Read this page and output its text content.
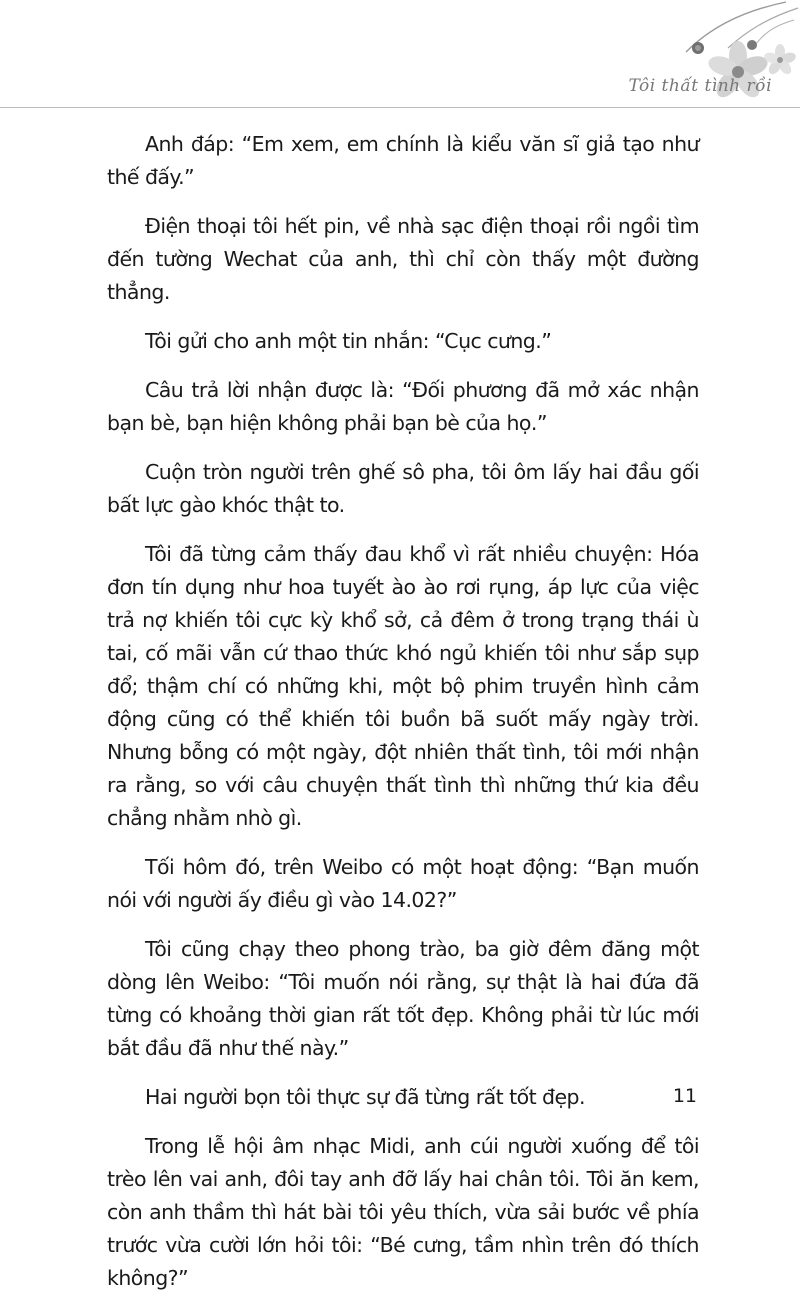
Tôi thất tình rồi

Anh đáp: “Em xem, em chính là kiểu văn sĩ giả tạo như thế đấy.”

Điện thoại tôi hết pin, về nhà sạc điện thoại rồi ngồi tìm đến tường Wechat của anh, thì chỉ còn thấy một đường thẳng.

Tôi gửi cho anh một tin nhắn: “Cục cưng.”

Câu trả lời nhận được là: “Đối phương đã mở xác nhận bạn bè, bạn hiện không phải bạn bè của họ.”

Cuộn tròn người trên ghế sô pha, tôi ôm lấy hai đầu gối bất lực gào khóc thật to.

Tôi đã từng cảm thấy đau khổ vì rất nhiều chuyện: Hóa đơn tín dụng như hoa tuyết ào ào rơi rụng, áp lực của việc trả nợ khiến tôi cực kỳ khổ sở, cả đêm ở trong trạng thái ù tai, cố mãi vẫn cứ thao thức khó ngủ khiến tôi như sắp sụp đổ; thậm chí có những khi, một bộ phim truyền hình cảm động cũng có thể khiến tôi buồn bã suốt mấy ngày trời. Nhưng bỗng có một ngày, đột nhiên thất tình, tôi mới nhận ra rằng, so với câu chuyện thất tình thì những thứ kia đều chẳng nhằm nhò gì.

Tối hôm đó, trên Weibo có một hoạt động: “Bạn muốn nói với người ấy điều gì vào 14.02?”

Tôi cũng chạy theo phong trào, ba giờ đêm đăng một dòng lên Weibo: “Tôi muốn nói rằng, sự thật là hai đứa đã từng có khoảng thời gian rất tốt đẹp. Không phải từ lúc mới bắt đầu đã như thế này.”

Hai người bọn tôi thực sự đã từng rất tốt đẹp.

Trong lễ hội âm nhạc Midi, anh cúi người xuống để tôi trèo lên vai anh, đôi tay anh đỡ lấy hai chân tôi. Tôi ăn kem, còn anh thầm thì hát bài tôi yêu thích, vừa sải bước về phía trước vừa cười lớn hỏi tôi: “Bé cưng, tầm nhìn trên đó thích không?”

11
